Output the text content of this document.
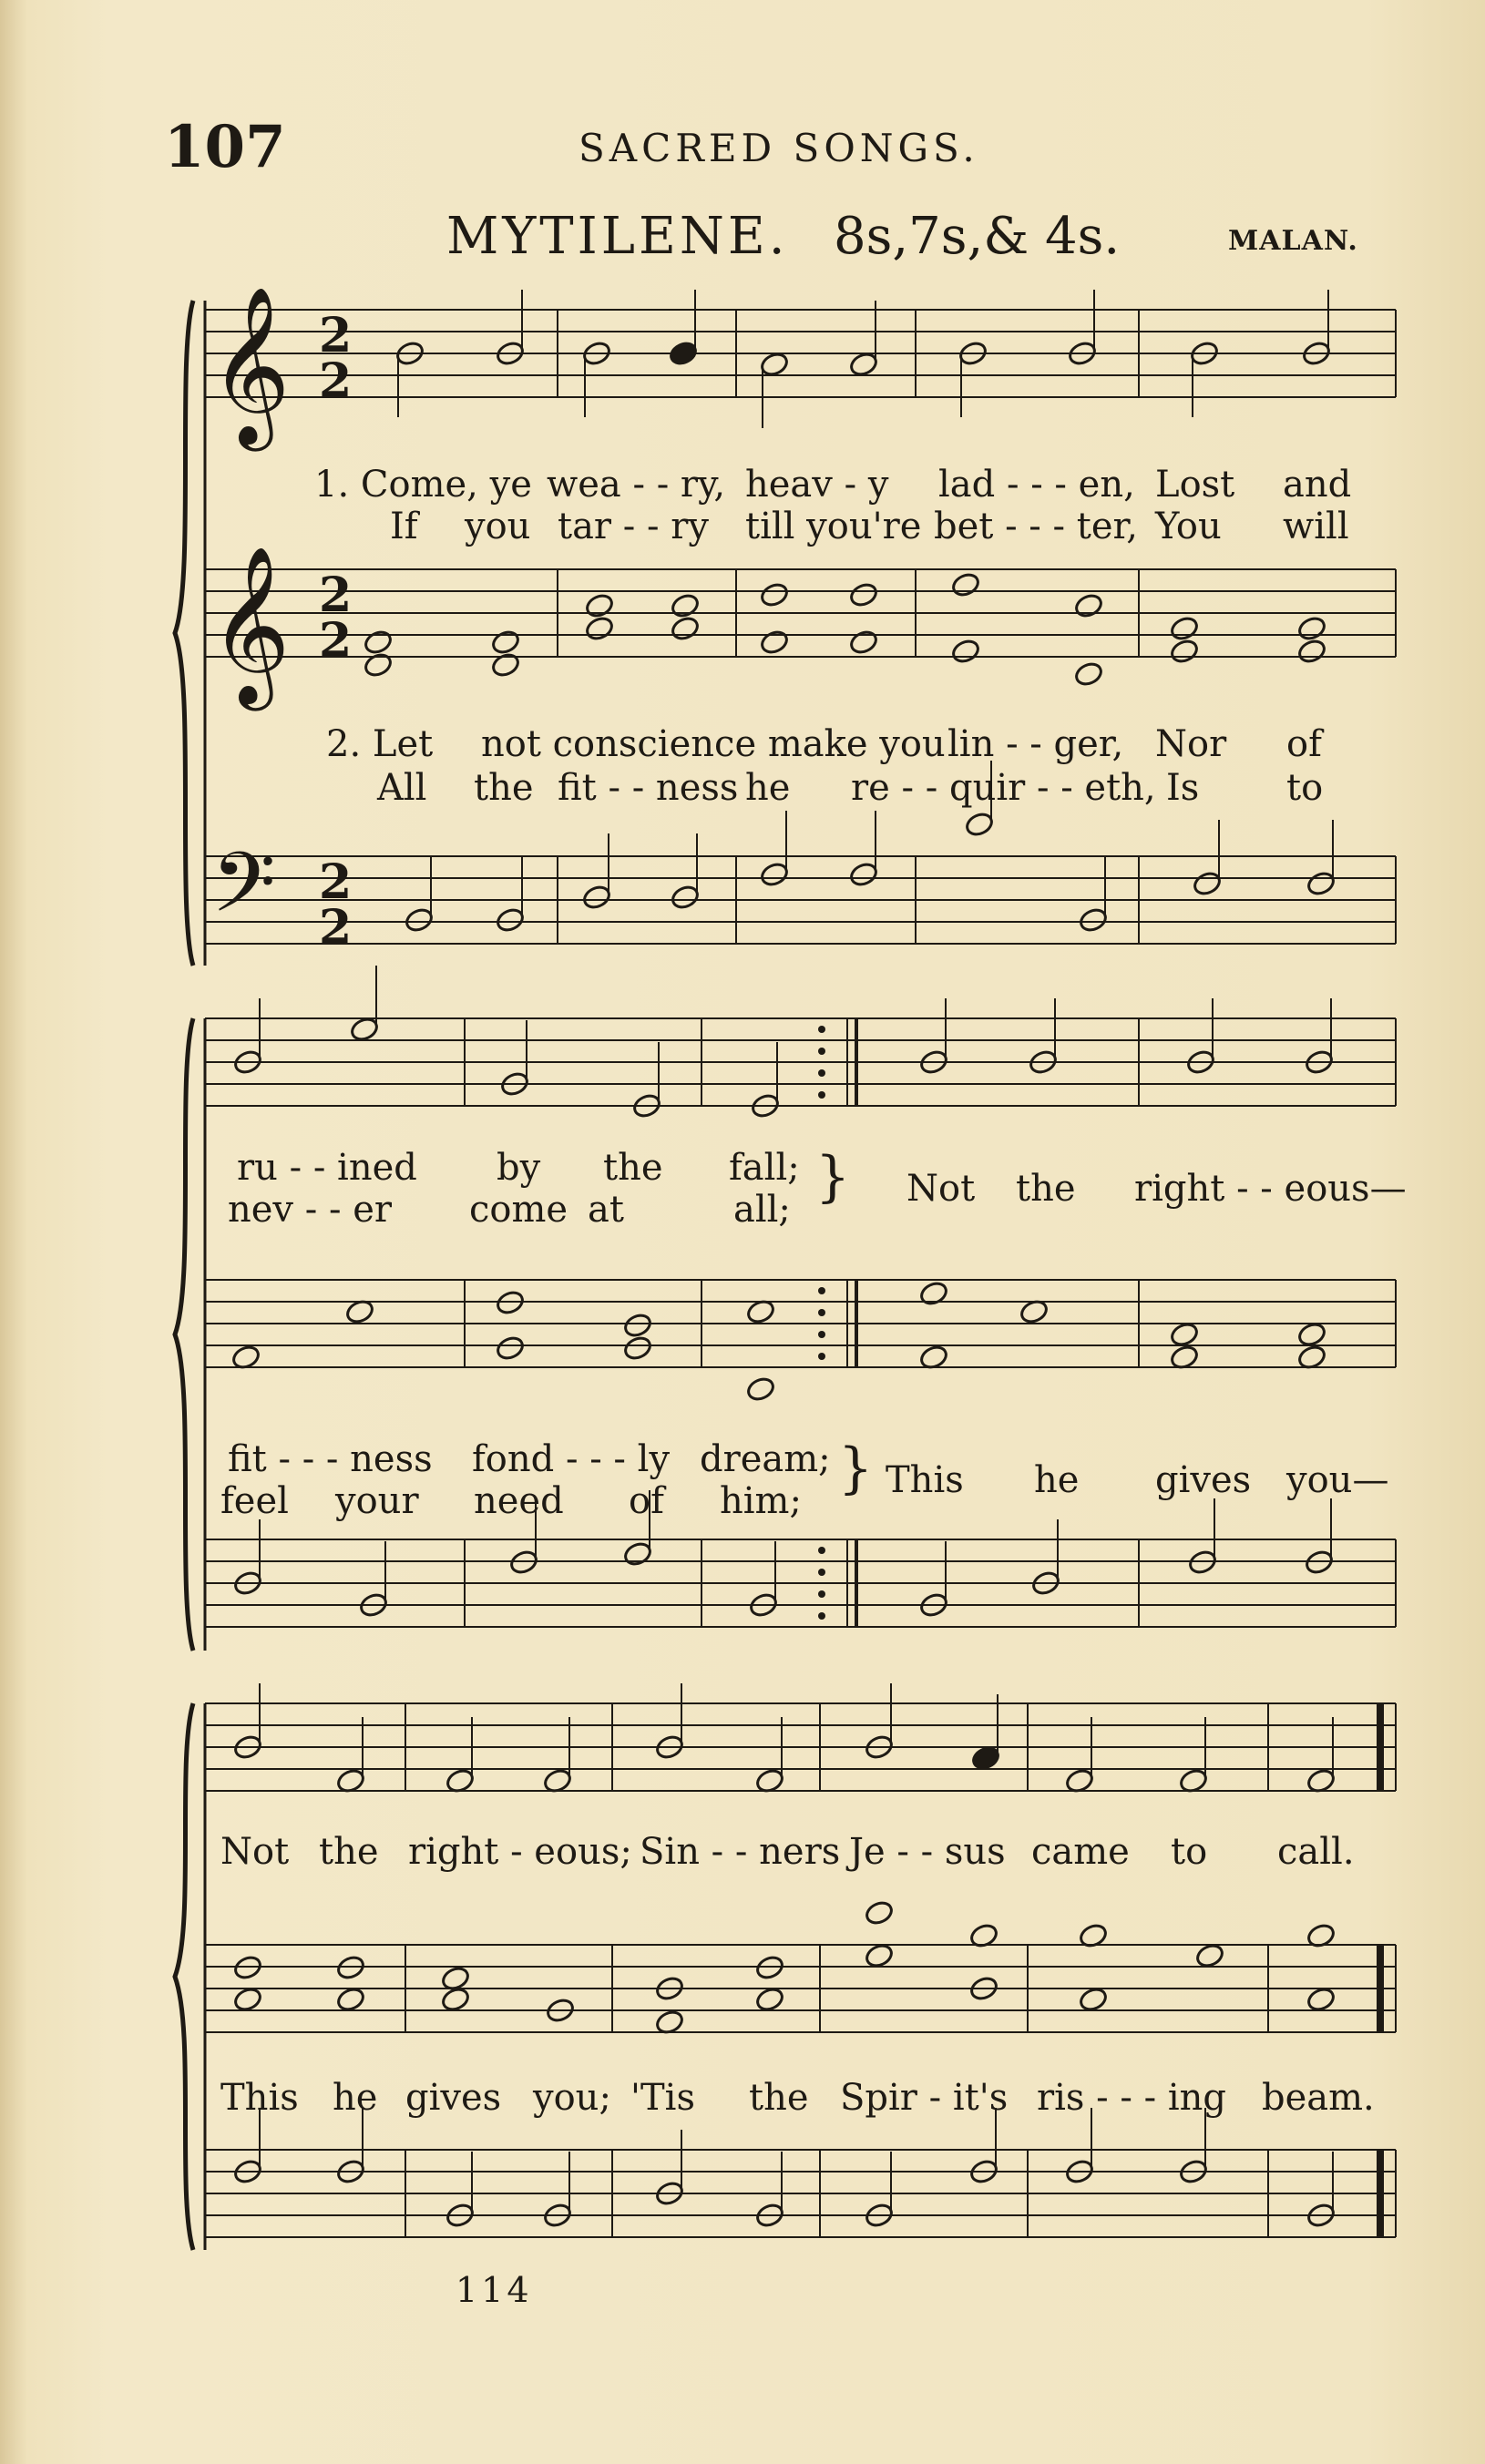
107	SACRED SONGS.
MYTILENE. 8s,7s,& 4s.	MALAN.
𝄞
𝄞
𝄢
2
2
2
2
2
2
1. Come, ye wea - - ry, heav - y lad - - - en, Lost and
If you tar - - ry till you're bet - - - ter, You will
2. Let not conscience make you lin - - ger, Nor of
All the fit - - ness he re - - quir - - eth, Is to
ru - - ined by the fall;
nev - - er come at	all;
} Not the right - - eous—
fit - - - ness fond - - - ly dream;
feel your need of him;
} This he gives you—
Not the right - eous; Sin - - ners Je - - sus came to call.
This he gives you; 'Tis the Spir - it's ris - - - ing beam.
114
